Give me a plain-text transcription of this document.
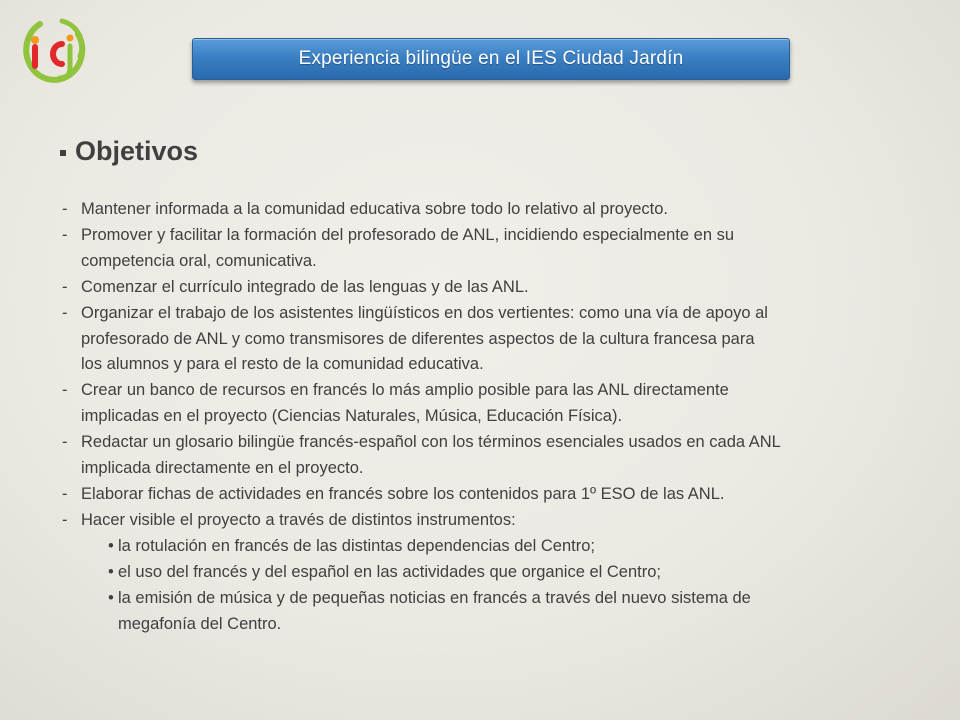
Experiencia bilingüe en el IES Ciudad Jardín
Objetivos
- Mantener informada a la comunidad educativa sobre todo lo relativo al proyecto.
- Promover y facilitar la formación del profesorado de ANL, incidiendo especialmente en su
competencia oral, comunicativa.
- Comenzar el currículo integrado de las lenguas y de las ANL.
- Organizar el trabajo de los asistentes lingüísticos en dos vertientes: como una vía de apoyo al
profesorado de ANL y como transmisores de diferentes aspectos de la cultura francesa para
los alumnos y para el resto de la comunidad educativa.
- Crear un banco de recursos en francés lo más amplio posible para las ANL directamente
implicadas en el proyecto (Ciencias Naturales, Música, Educación Física).
- Redactar un glosario bilingüe francés-español con los términos esenciales usados en cada ANL
implicada directamente en el proyecto.
- Elaborar fichas de actividades en francés sobre los contenidos para 1º ESO de las ANL.
- Hacer visible el proyecto a través de distintos instrumentos:
• la rotulación en francés de las distintas dependencias del Centro;
• el uso del francés y del español en las actividades que organice el Centro;
• la emisión de música y de pequeñas noticias en francés a través del nuevo sistema de
megafonía del Centro.
